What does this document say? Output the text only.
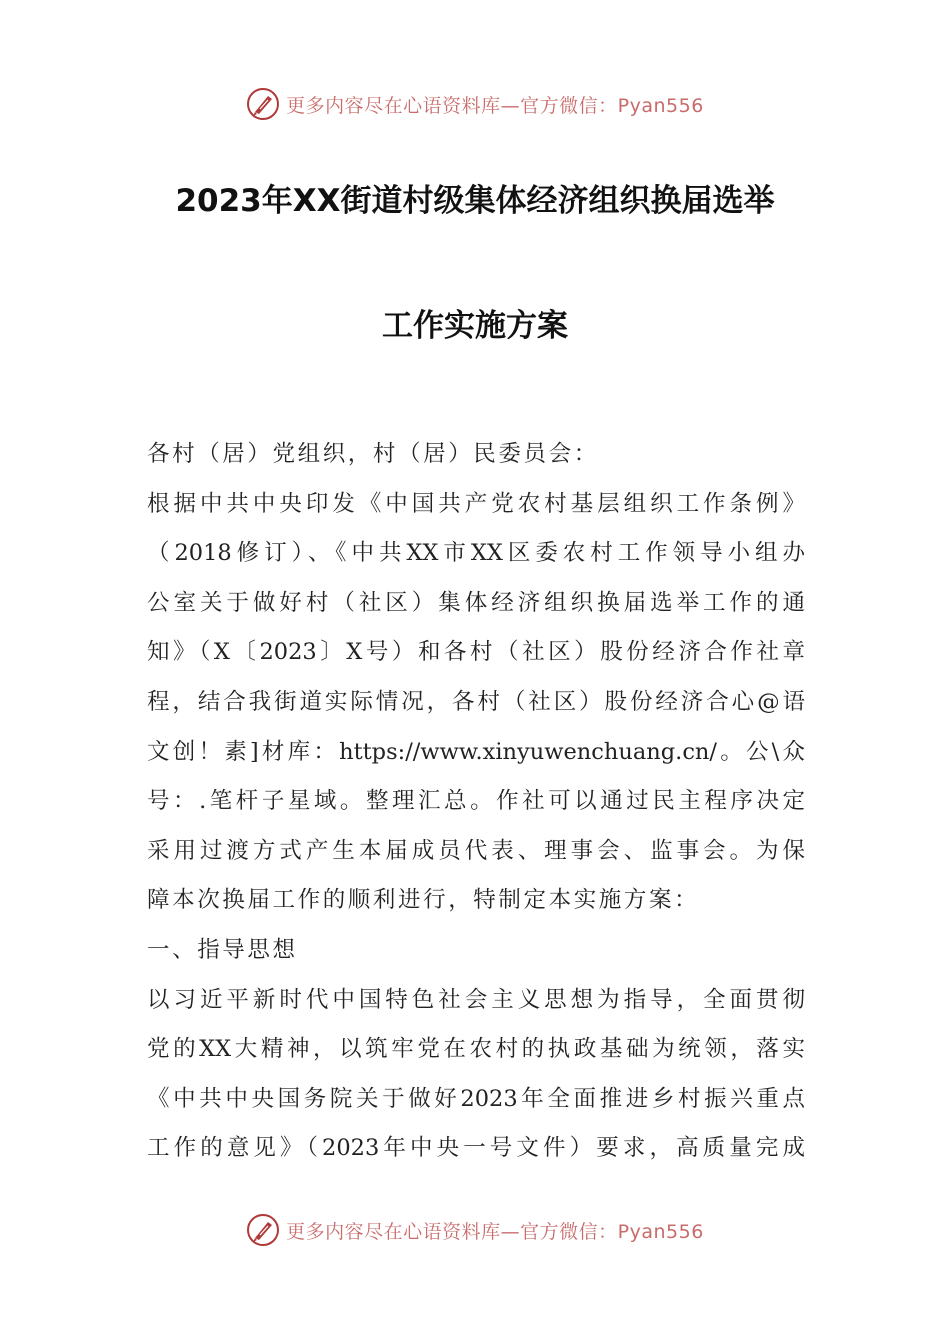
更多内容尽在心语资料库—官方微信：Pyan556
2023年XX街道村级集体经济组织换届选举
工作实施方案
各村（居）党组织，村（居）民委员会：
根据中共中央印发《中国共产党农村基层组织工作条例》
（2018修订）、《中共XX市XX区委农村工作领导小组办
公室关于做好村（社区）集体经济组织换届选举工作的通
知》（X〔2023〕X号）和各村（社区）股份经济合作社章
程，结合我街道实际情况，各村（社区）股份经济合心@语
文创！素]材库：https://www.xinyuwenchuang.cn/。公\众
号：.笔杆子星域。整理汇总。作社可以通过民主程序决定
采用过渡方式产生本届成员代表、理事会、监事会。为保
障本次换届工作的顺利进行，特制定本实施方案：
一、指导思想
以习近平新时代中国特色社会主义思想为指导，全面贯彻
党的XX大精神，以筑牢党在农村的执政基础为统领，落实
《中共中央国务院关于做好2023年全面推进乡村振兴重点
工作的意见》（2023年中央一号文件）要求，高质量完成
更多内容尽在心语资料库—官方微信：Pyan556
